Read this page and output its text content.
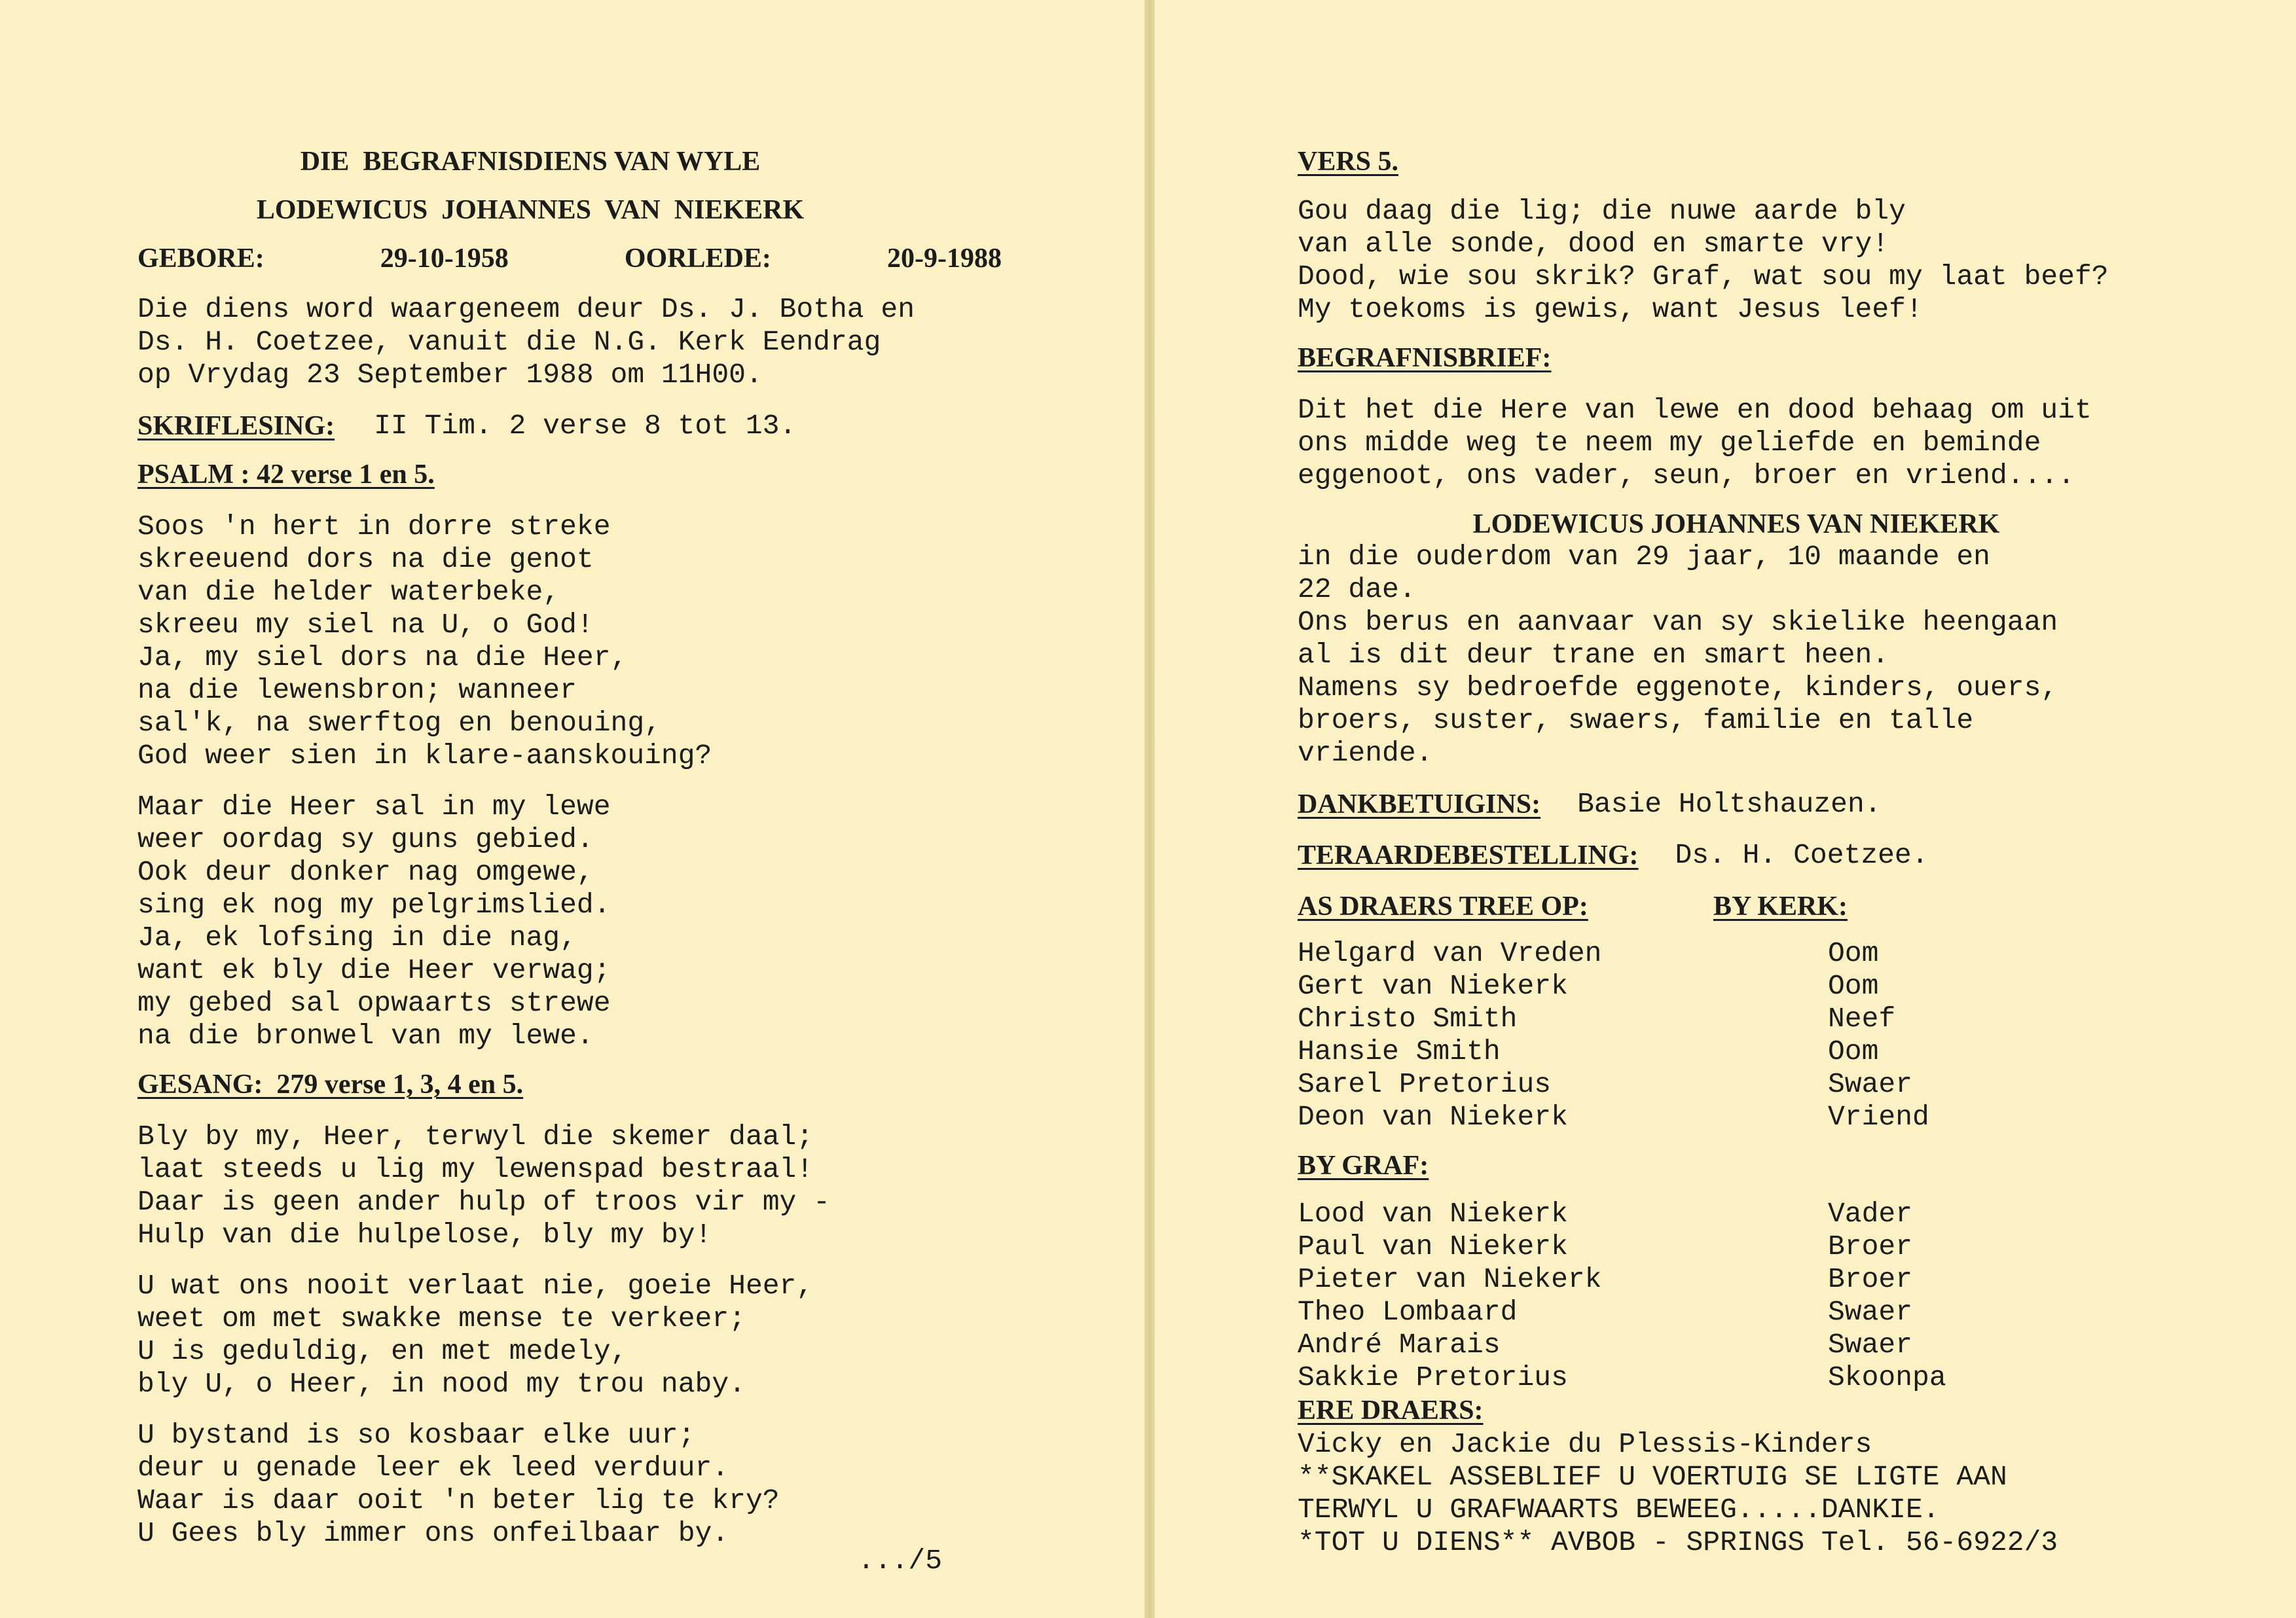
DIE  BEGRAFNISDIENS VAN WYLE
LODEWICUS  JOHANNES  VAN  NIEKERK
GEBORE:	29-10-1958	OORLEDE:	20-9-1988
Die diens word waargeneem deur Ds. J. Botha en
Ds. H. Coetzee, vanuit die N.G. Kerk Eendrag
op Vrydag 23 September 1988 om 11H00.
SKRIFLESING: II Tim. 2 verse 8 tot 13.
PSALM : 42 verse 1 en 5.
Soos 'n hert in dorre streke
skreeuend dors na die genot
van die helder waterbeke,
skreeu my siel na U, o God!
Ja, my siel dors na die Heer,
na die lewensbron; wanneer
sal'k, na swerftog en benouing,
God weer sien in klare-aanskouing?
Maar die Heer sal in my lewe
weer oordag sy guns gebied.
Ook deur donker nag omgewe,
sing ek nog my pelgrimslied.
Ja, ek lofsing in die nag,
want ek bly die Heer verwag;
my gebed sal opwaarts strewe
na die bronwel van my lewe.
GESANG:  279 verse 1, 3, 4 en 5.
Bly by my, Heer, terwyl die skemer daal;
laat steeds u lig my lewenspad bestraal!
Daar is geen ander hulp of troos vir my -
Hulp van die hulpelose, bly my by!
U wat ons nooit verlaat nie, goeie Heer,
weet om met swakke mense te verkeer;
U is geduldig, en met medely,
bly U, o Heer, in nood my trou naby.
U bystand is so kosbaar elke uur;
deur u genade leer ek leed verduur.
Waar is daar ooit 'n beter lig te kry?
U Gees bly immer ons onfeilbaar by.
.../5
VERS 5.
Gou daag die lig; die nuwe aarde bly
van alle sonde, dood en smarte vry!
Dood, wie sou skrik? Graf, wat sou my laat beef?
My toekoms is gewis, want Jesus leef!
BEGRAFNISBRIEF:
Dit het die Here van lewe en dood behaag om uit
ons midde weg te neem my geliefde en beminde
eggenoot, ons vader, seun, broer en vriend....
LODEWICUS JOHANNES VAN NIEKERK
in die ouderdom van 29 jaar, 10 maande en
22 dae.
Ons berus en aanvaar van sy skielike heengaan
al is dit deur trane en smart heen.
Namens sy bedroefde eggenote, kinders, ouers,
broers, suster, swaers, familie en talle
vriende.
DANKBETUIGINS: Basie Holtshauzen.
TERAARDEBESTELLING: Ds. H. Coetzee.
AS DRAERS TREE OP:	BY KERK:
Helgard van Vreden	Oom
Gert van Niekerk	Oom
Christo Smith	Neef
Hansie Smith	Oom
Sarel Pretorius	Swaer
Deon van Niekerk	Vriend
BY GRAF:
Lood van Niekerk	Vader
Paul van Niekerk	Broer
Pieter van Niekerk	Broer
Theo Lombaard	Swaer
André Marais	Swaer
Sakkie Pretorius	Skoonpa
ERE DRAERS:
Vicky en Jackie du Plessis-Kinders
**SKAKEL ASSEBLIEF U VOERTUIG SE LIGTE AAN
TERWYL U GRAFWAARTS BEWEEG.....DANKIE.
*TOT U DIENS** AVBOB - SPRINGS Tel. 56-6922/3
